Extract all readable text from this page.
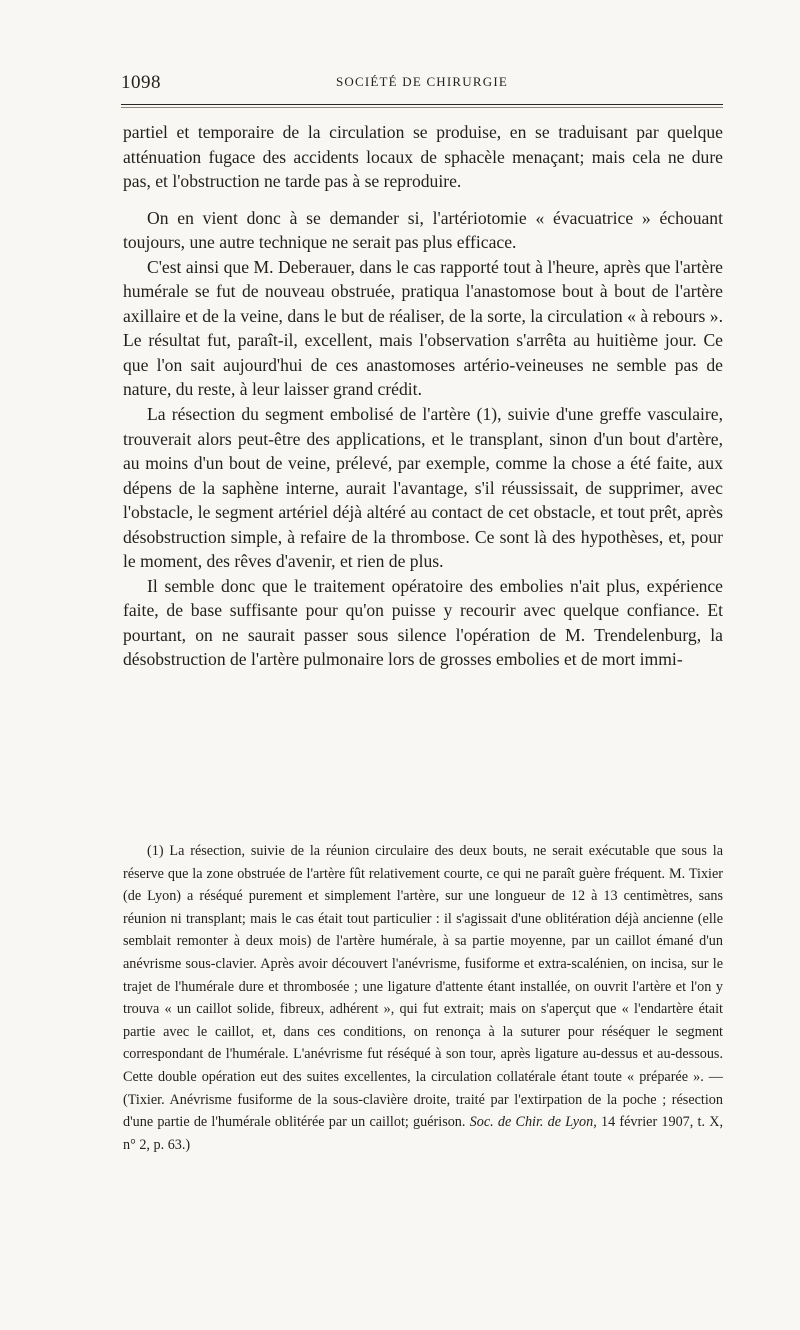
1098	SOCIÉTÉ DE CHIRURGIE

partiel et temporaire de la circulation se produise, en se traduisant par quelque atténuation fugace des accidents locaux de sphacèle menaçant; mais cela ne dure pas, et l'obstruction ne tarde pas à se reproduire.

On en vient donc à se demander si, l'artériotomie « évacuatrice » échouant toujours, une autre technique ne serait pas plus efficace.

C'est ainsi que M. Deberauer, dans le cas rapporté tout à l'heure, après que l'artère humérale se fut de nouveau obstruée, pratiqua l'anastomose bout à bout de l'artère axillaire et de la veine, dans le but de réaliser, de la sorte, la circulation « à rebours ». Le résultat fut, paraît-il, excellent, mais l'observation s'arrêta au huitième jour. Ce que l'on sait aujourd'hui de ces anastomoses artério-veineuses ne semble pas de nature, du reste, à leur laisser grand crédit.

La résection du segment embolisé de l'artère (1), suivie d'une greffe vasculaire, trouverait alors peut-être des applications, et le transplant, sinon d'un bout d'artère, au moins d'un bout de veine, prélevé, par exemple, comme la chose a été faite, aux dépens de la saphène interne, aurait l'avantage, s'il réussissait, de supprimer, avec l'obstacle, le segment artériel déjà altéré au contact de cet obstacle, et tout prêt, après désobstruction simple, à refaire de la thrombose. Ce sont là des hypothèses, et, pour le moment, des rêves d'avenir, et rien de plus.

Il semble donc que le traitement opératoire des embolies n'ait plus, expérience faite, de base suffisante pour qu'on puisse y recourir avec quelque confiance. Et pourtant, on ne saurait passer sous silence l'opération de M. Trendelenburg, la désobstruction de l'artère pulmonaire lors de grosses embolies et de mort immi-

(1) La résection, suivie de la réunion circulaire des deux bouts, ne serait exécutable que sous la réserve que la zone obstruée de l'artère fût relativement courte, ce qui ne paraît guère fréquent. M. Tixier (de Lyon) a réséqué purement et simplement l'artère, sur une longueur de 12 à 13 centimètres, sans réunion ni transplant; mais le cas était tout particulier : il s'agissait d'une oblitération déjà ancienne (elle semblait remonter à deux mois) de l'artère humérale, à sa partie moyenne, par un caillot émané d'un anévrisme sous-clavier. Après avoir découvert l'anévrisme, fusiforme et extra-scalénien, on incisa, sur le trajet de l'humérale dure et thrombosée ; une ligature d'attente étant installée, on ouvrit l'artère et l'on y trouva « un caillot solide, fibreux, adhérent », qui fut extrait; mais on s'aperçut que « l'endartère était partie avec le caillot, et, dans ces conditions, on renonça à la suturer pour réséquer le segment correspondant de l'humérale. L'anévrisme fut réséqué à son tour, après ligature au-dessus et au-dessous. Cette double opération eut des suites excellentes, la circulation collatérale étant toute « préparée ». — (Tixier. Anévrisme fusiforme de la sous-clavière droite, traité par l'extirpation de la poche ; résection d'une partie de l'humérale oblitérée par un caillot; guérison. Soc. de Chir. de Lyon, 14 février 1907, t. X, n° 2, p. 63.)
